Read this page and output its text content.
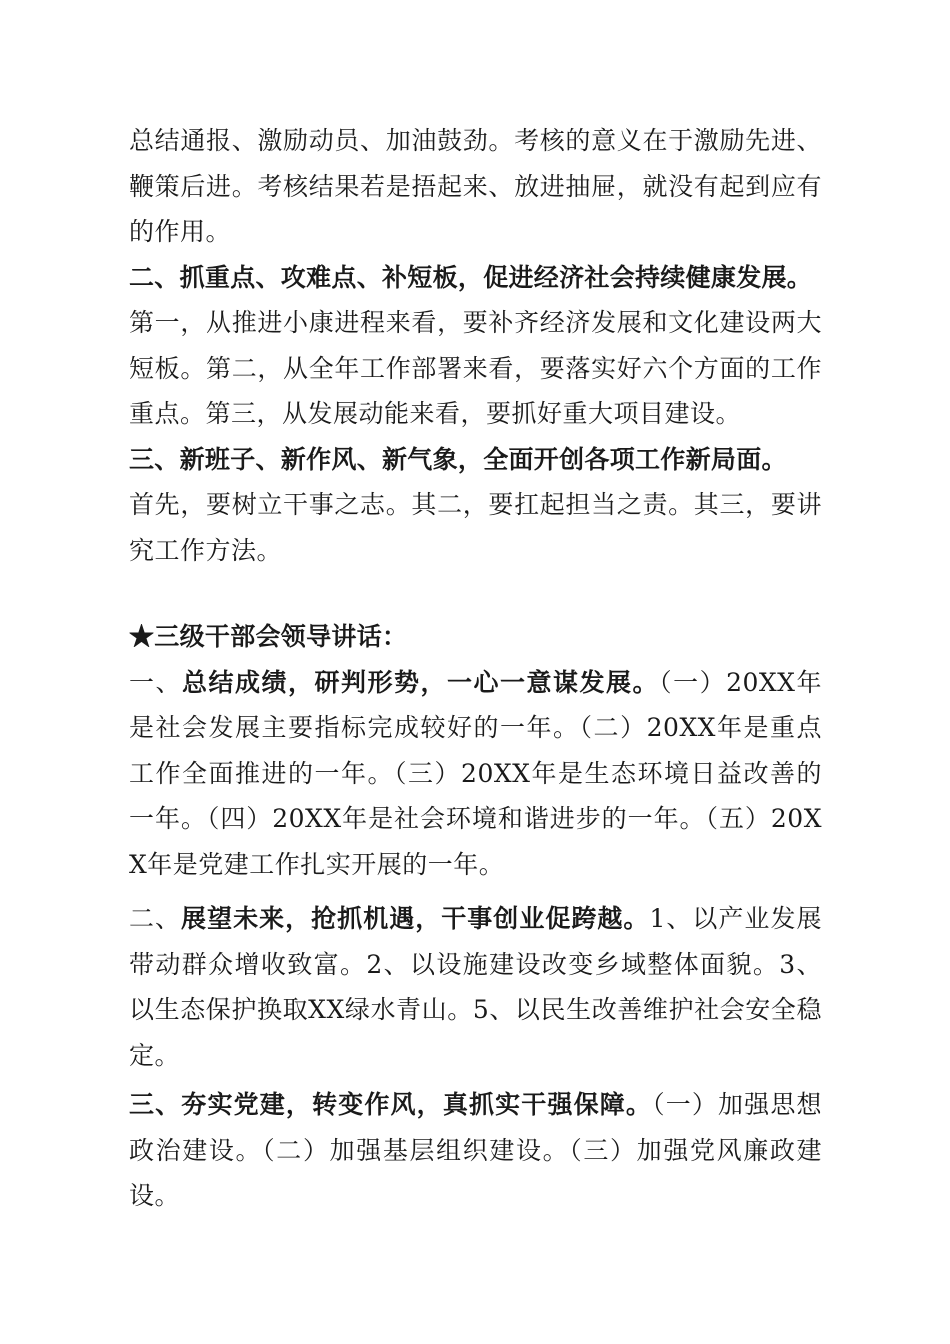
总结通报、激励动员、加油鼓劲。考核的意义在于激励先进、鞭策后进。考核结果若是捂起来、放进抽屉，就没有起到应有的作用。

二、抓重点、攻难点、补短板，促进经济社会持续健康发展。

第一，从推进小康进程来看，要补齐经济发展和文化建设两大短板。第二，从全年工作部署来看，要落实好六个方面的工作重点。第三，从发展动能来看，要抓好重大项目建设。

三、新班子、新作风、新气象，全面开创各项工作新局面。

首先，要树立干事之志。其二，要扛起担当之责。其三，要讲究工作方法。

★三级干部会领导讲话：

一、总结成绩，研判形势，一心一意谋发展。（一）20XX年是社会发展主要指标完成较好的一年。（二）20XX年是重点工作全面推进的一年。（三）20XX年是生态环境日益改善的一年。（四）20XX年是社会环境和谐进步的一年。（五）20XX年是党建工作扎实开展的一年。

二、展望未来，抢抓机遇，干事创业促跨越。1、以产业发展带动群众增收致富。2、以设施建设改变乡域整体面貌。3、以生态保护换取XX绿水青山。5、以民生改善维护社会安全稳定。

三、夯实党建，转变作风，真抓实干强保障。（一）加强思想政治建设。（二）加强基层组织建设。（三）加强党风廉政建设。
